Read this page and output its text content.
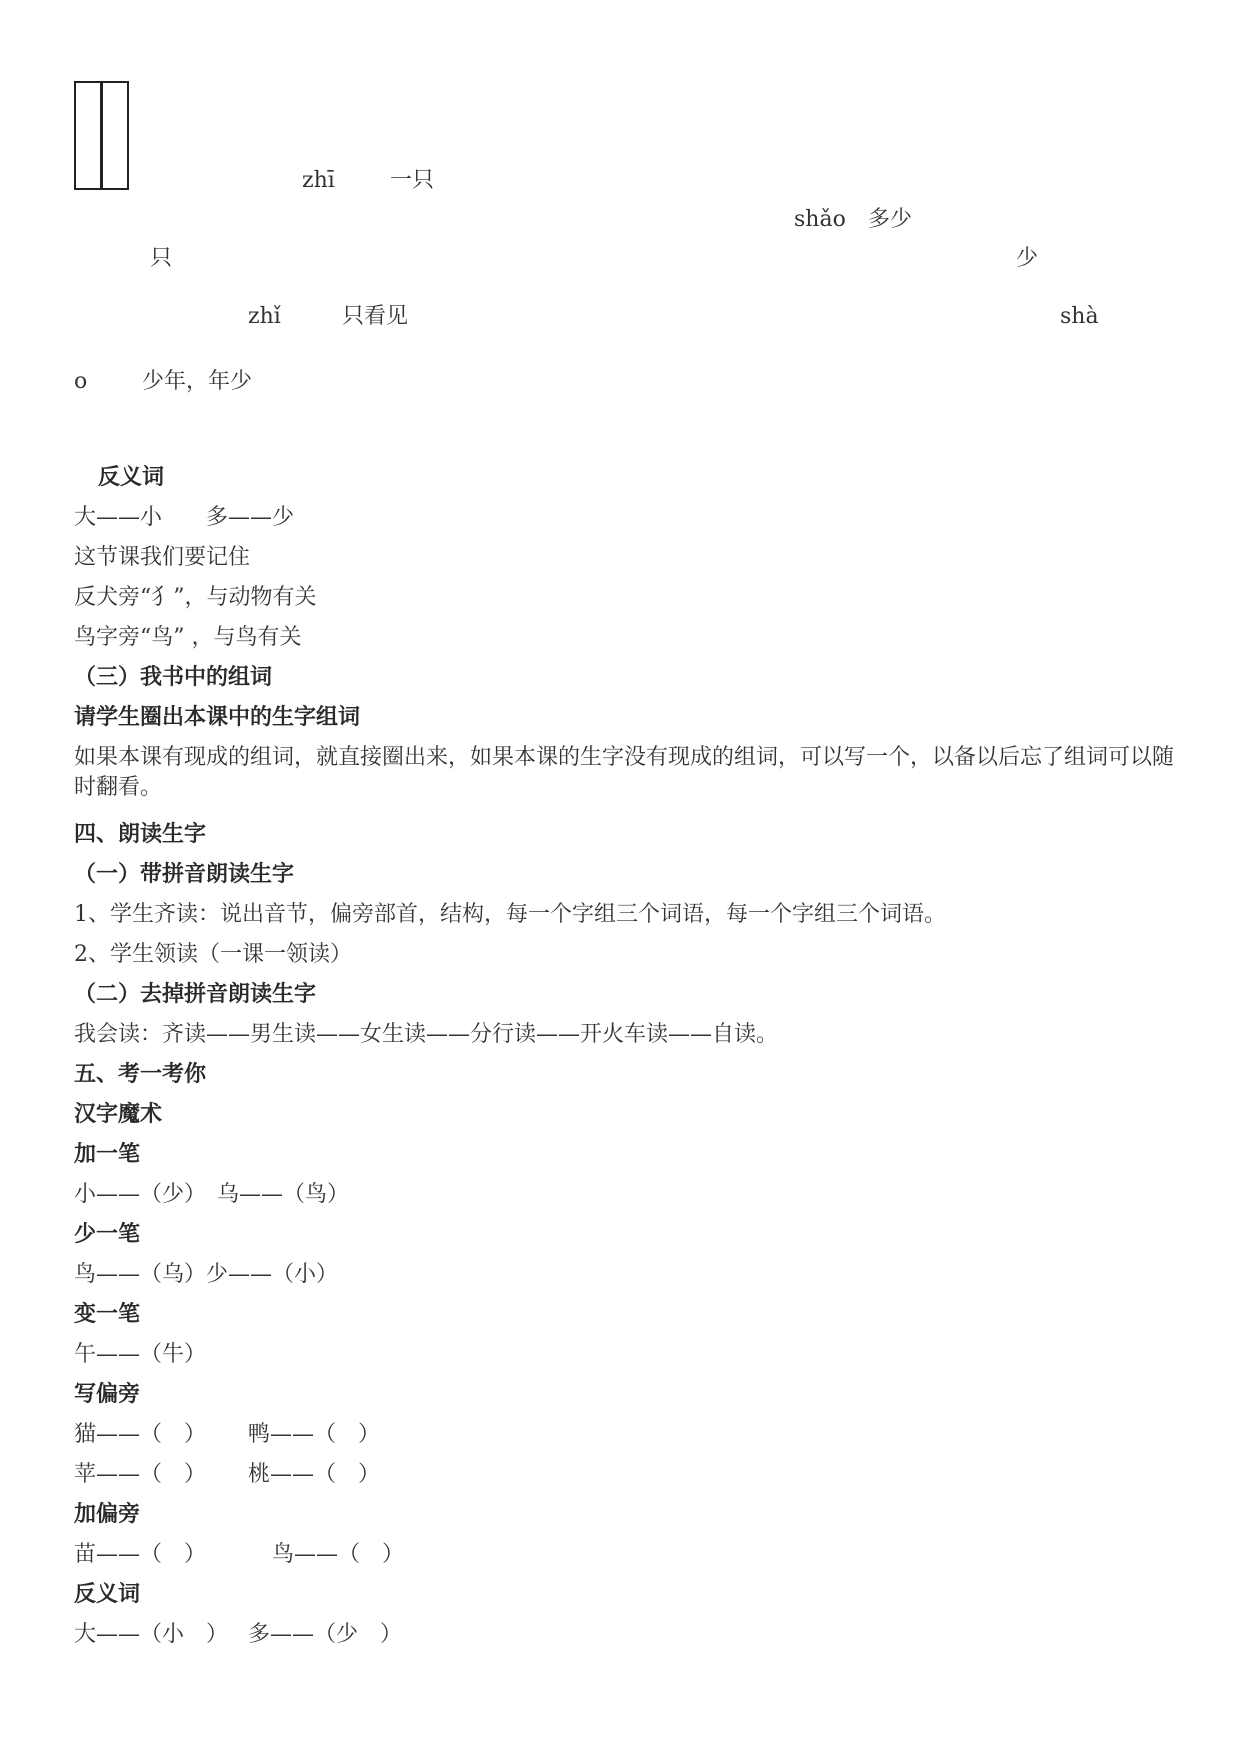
zhī	一只
shǎo 多少
只	少
zhǐ	只看见	shà
o 少年，年少
反义词
大——小　　多——少
这节课我们要记住
反犬旁“犭”，与动物有关
鸟字旁“鸟” ，与鸟有关
（三）我书中的组词
请学生圈出本课中的生字组词
如果本课有现成的组词，就直接圈出来，如果本课的生字没有现成的组词，可以写一个，以备以后忘了组词可以随时翻看。
四、朗读生字
（一）带拼音朗读生字
1、学生齐读：说出音节，偏旁部首，结构，每一个字组三个词语，每一个字组三个词语。
2、学生领读（一课一领读）
（二）去掉拼音朗读生字
我会读：齐读——男生读——女生读——分行读——开火车读——自读。
五、考一考你
汉字魔术
加一笔
小——（少）　乌——（鸟）
少一笔
鸟——（乌）少——（小）
变一笔
午——（牛）
写偏旁
猫——（　） 鸭——（　）
苹——（　） 桃——（　）
加偏旁
苗——（　）	鸟——（　）
反义词
大——（小　） 多——（少　）
